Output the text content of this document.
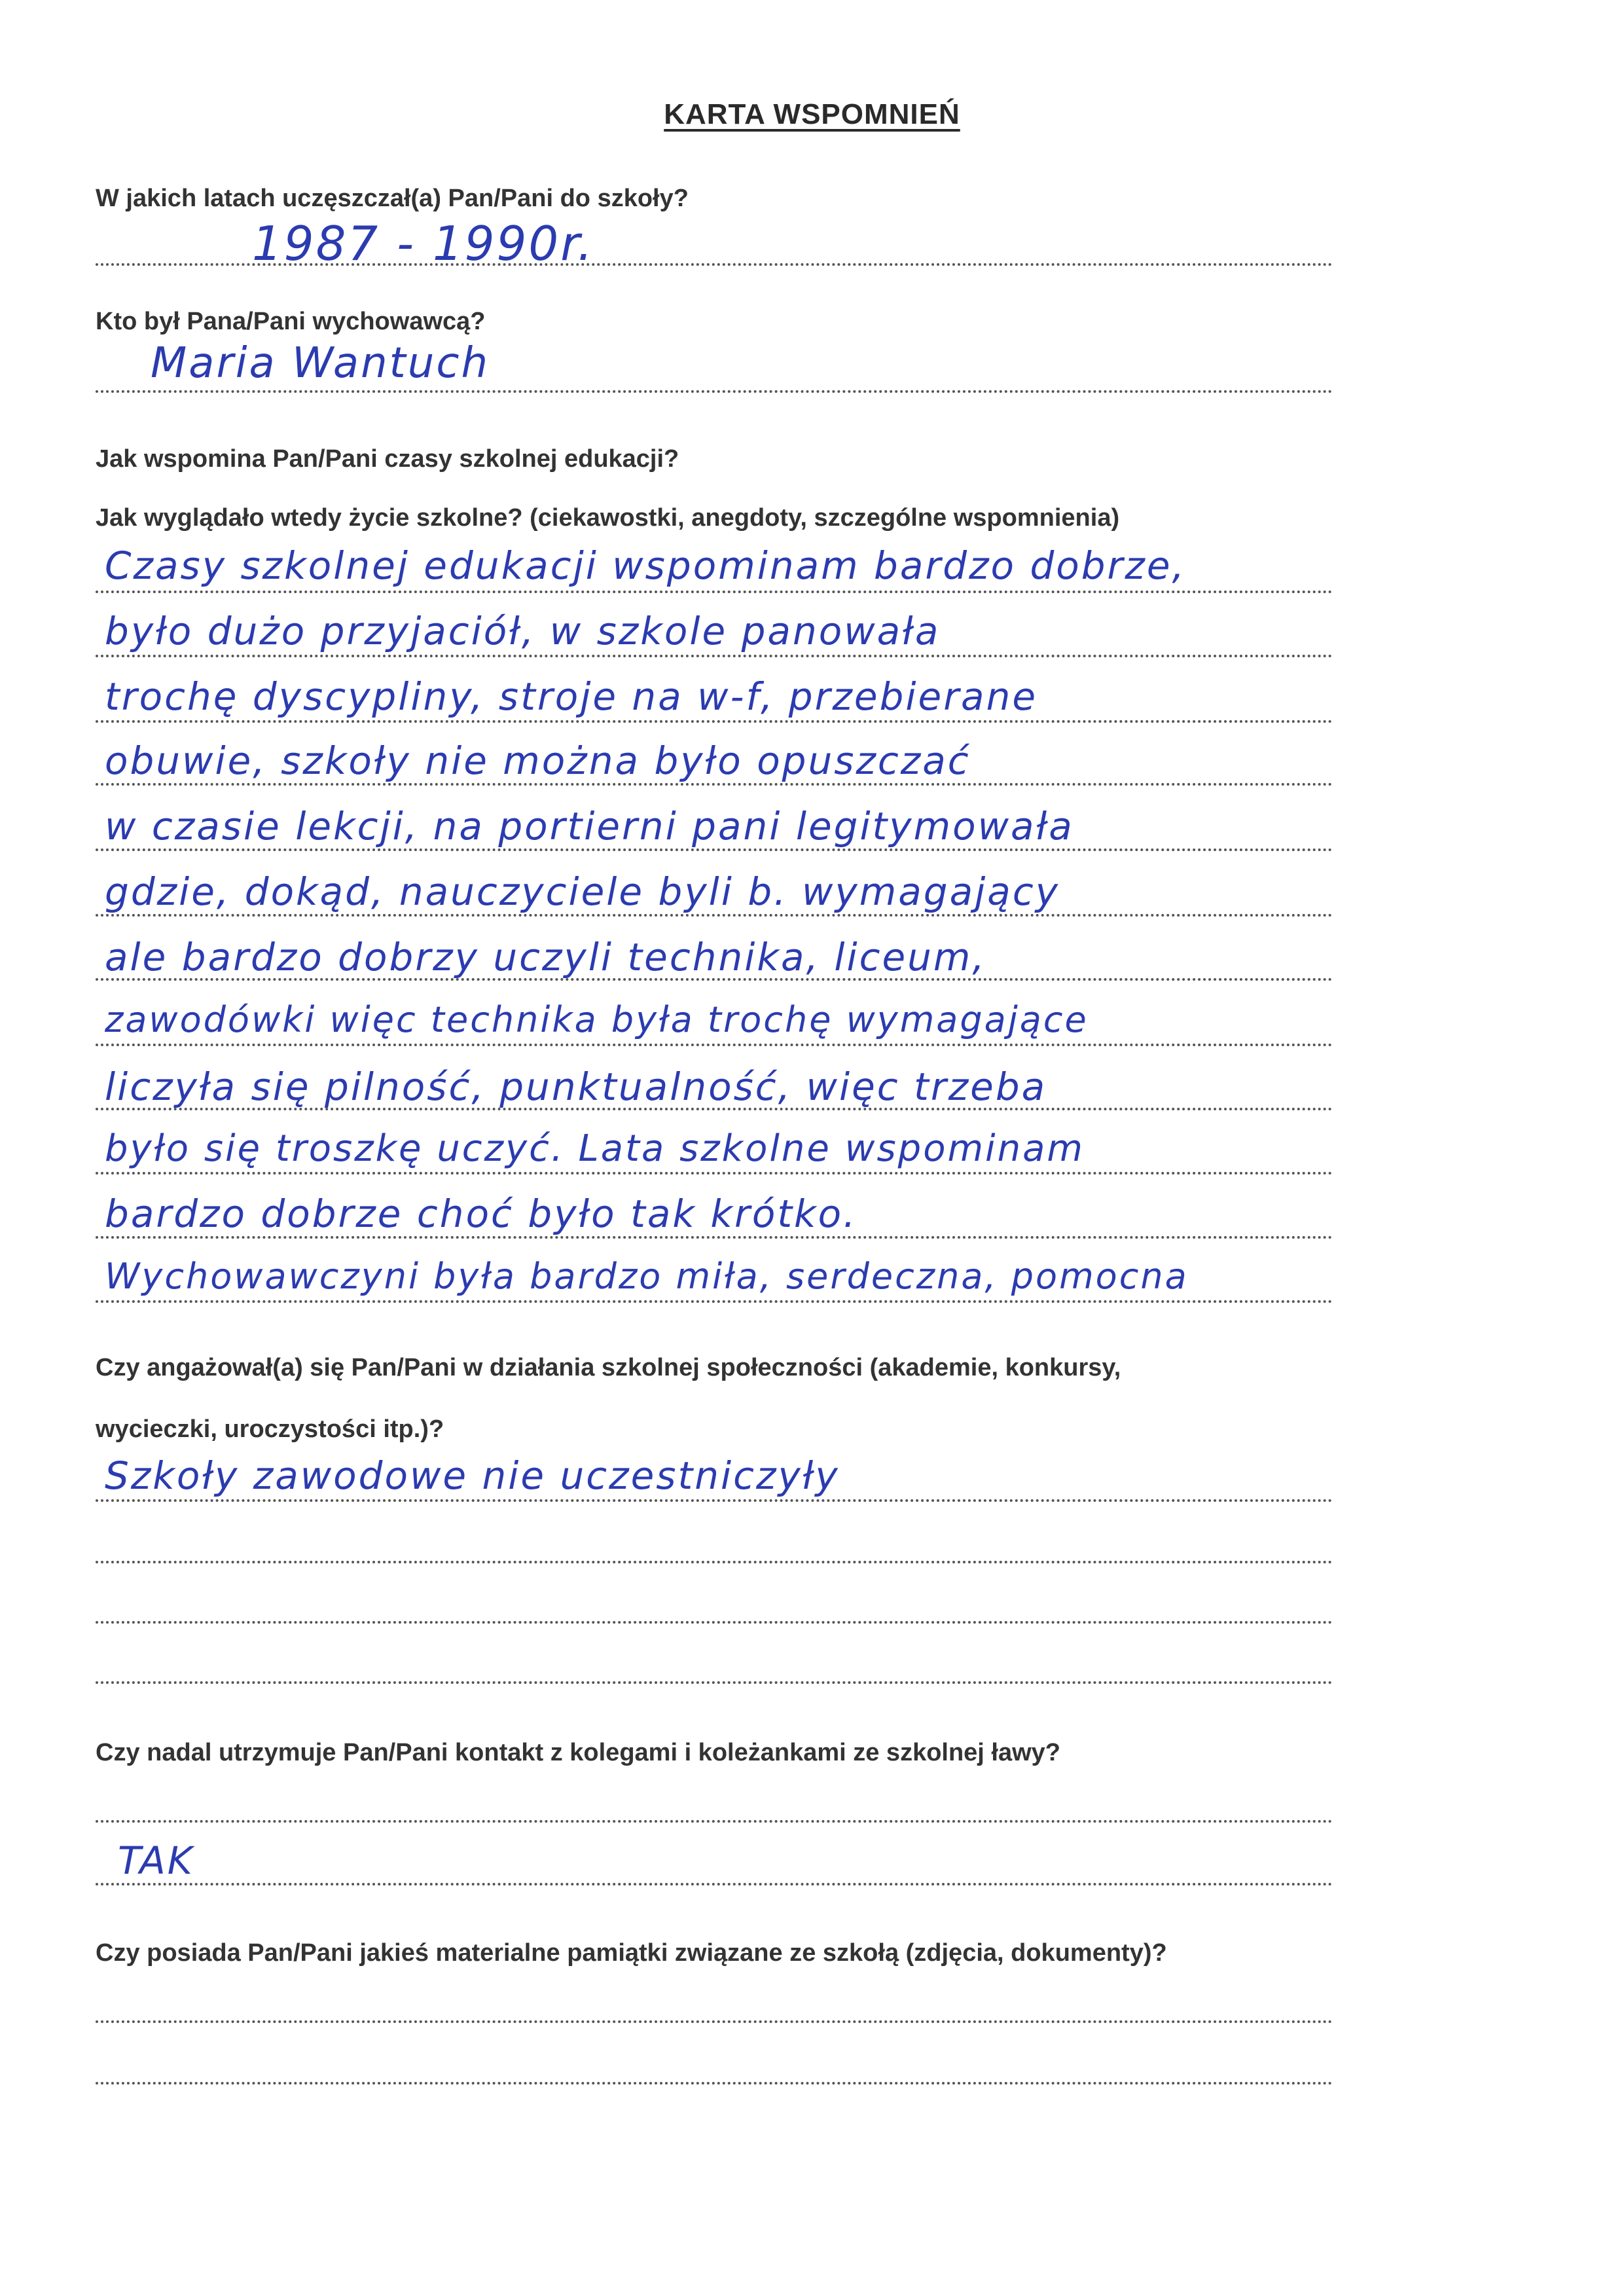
KARTA WSPOMNIEŃ
W jakich latach uczęszczał(a) Pan/Pani do szkoły?
1987 - 1990r.
Kto był Pana/Pani wychowawcą?
Maria Wantuch
Jak wspomina Pan/Pani czasy szkolnej edukacji?
Jak wyglądało wtedy życie szkolne? (ciekawostki, anegdoty, szczególne wspomnienia)
Czasy szkolnej edukacji wspominam bardzo dobrze,
było dużo przyjaciół, w szkole panowała
trochę dyscypliny, stroje na w-f, przebierane
obuwie, szkoły nie można było opuszczać
w czasie lekcji, na portierni pani legitymowała
gdzie, dokąd, nauczyciele byli b. wymagający
ale bardzo dobrzy uczyli technika, liceum,
zawodówki więc technika była trochę wymagające
liczyła się pilność, punktualność, więc trzeba
było się troszkę uczyć. Lata szkolne wspominam
bardzo dobrze choć było tak krótko.
Wychowawczyni była bardzo miła, serdeczna, pomocna
Czy angażował(a) się Pan/Pani w działania szkolnej społeczności (akademie, konkursy,
wycieczki, uroczystości itp.)?
Szkoły zawodowe nie uczestniczyły
Czy nadal utrzymuje Pan/Pani kontakt z kolegami i koleżankami ze szkolnej ławy?
TAK
Czy posiada Pan/Pani jakieś materialne pamiątki związane ze szkołą (zdjęcia, dokumenty)?
